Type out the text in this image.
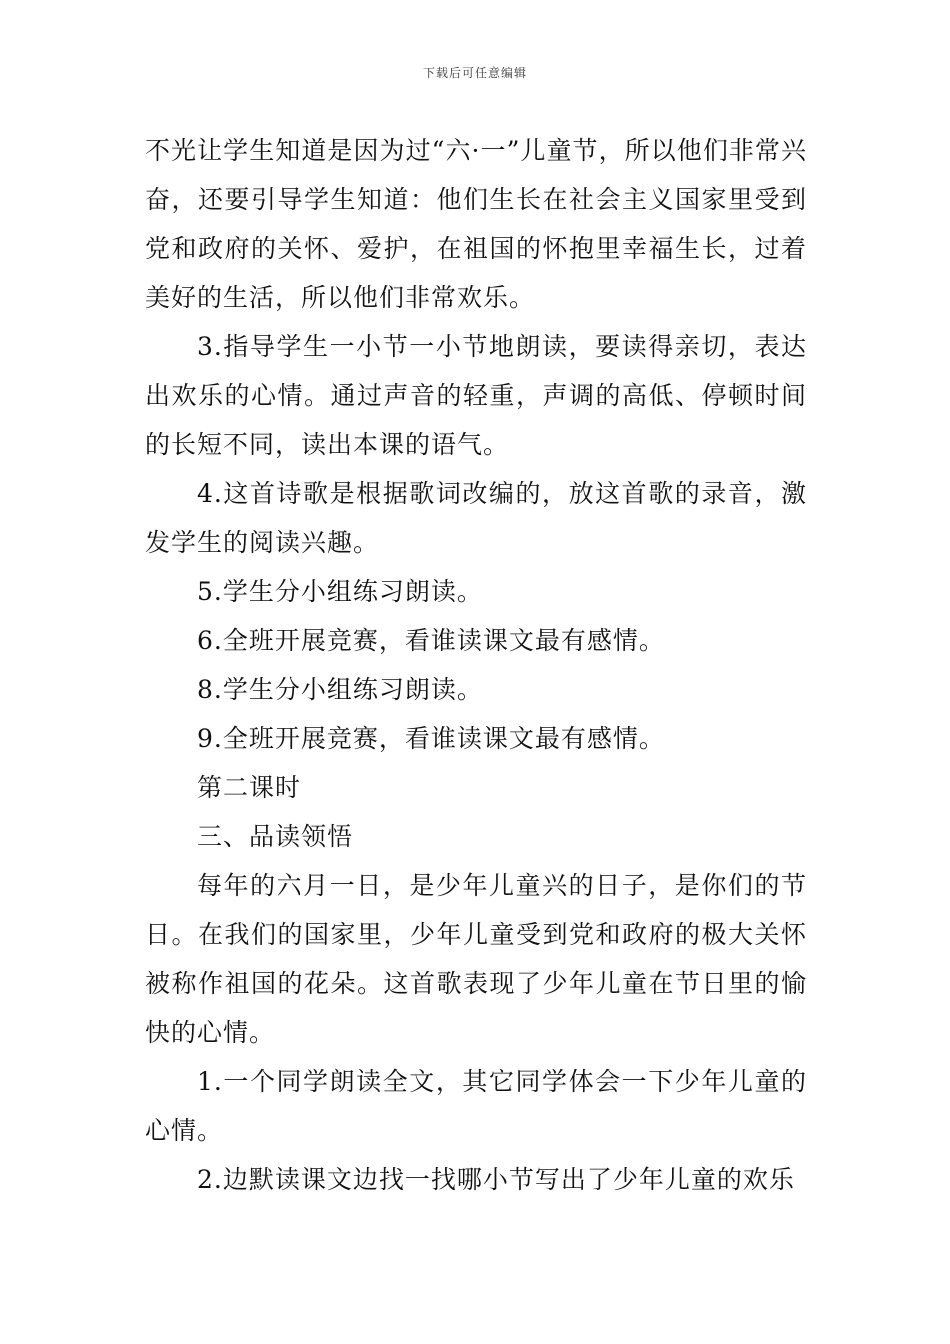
下载后可任意编辑

不光让学生知道是因为过“六·一”儿童节，所以他们非常兴奋，还要引导学生知道：他们生长在社会主义国家里受到党和政府的关怀、爱护，在祖国的怀抱里幸福生长，过着美好的生活，所以他们非常欢乐。

3.指导学生一小节一小节地朗读，要读得亲切，表达出欢乐的心情。通过声音的轻重，声调的高低、停顿时间的长短不同，读出本课的语气。

4.这首诗歌是根据歌词改编的，放这首歌的录音，激发学生的阅读兴趣。

5.学生分小组练习朗读。

6.全班开展竞赛，看谁读课文最有感情。

8.学生分小组练习朗读。

9.全班开展竞赛，看谁读课文最有感情。

第二课时

三、品读领悟

每年的六月一日，是少年儿童兴的日子，是你们的节日。在我们的国家里，少年儿童受到党和政府的极大关怀被称作祖国的花朵。这首歌表现了少年儿童在节日里的愉快的心情。

1.一个同学朗读全文，其它同学体会一下少年儿童的心情。

2.边默读课文边找一找哪小节写出了少年儿童的欢乐
